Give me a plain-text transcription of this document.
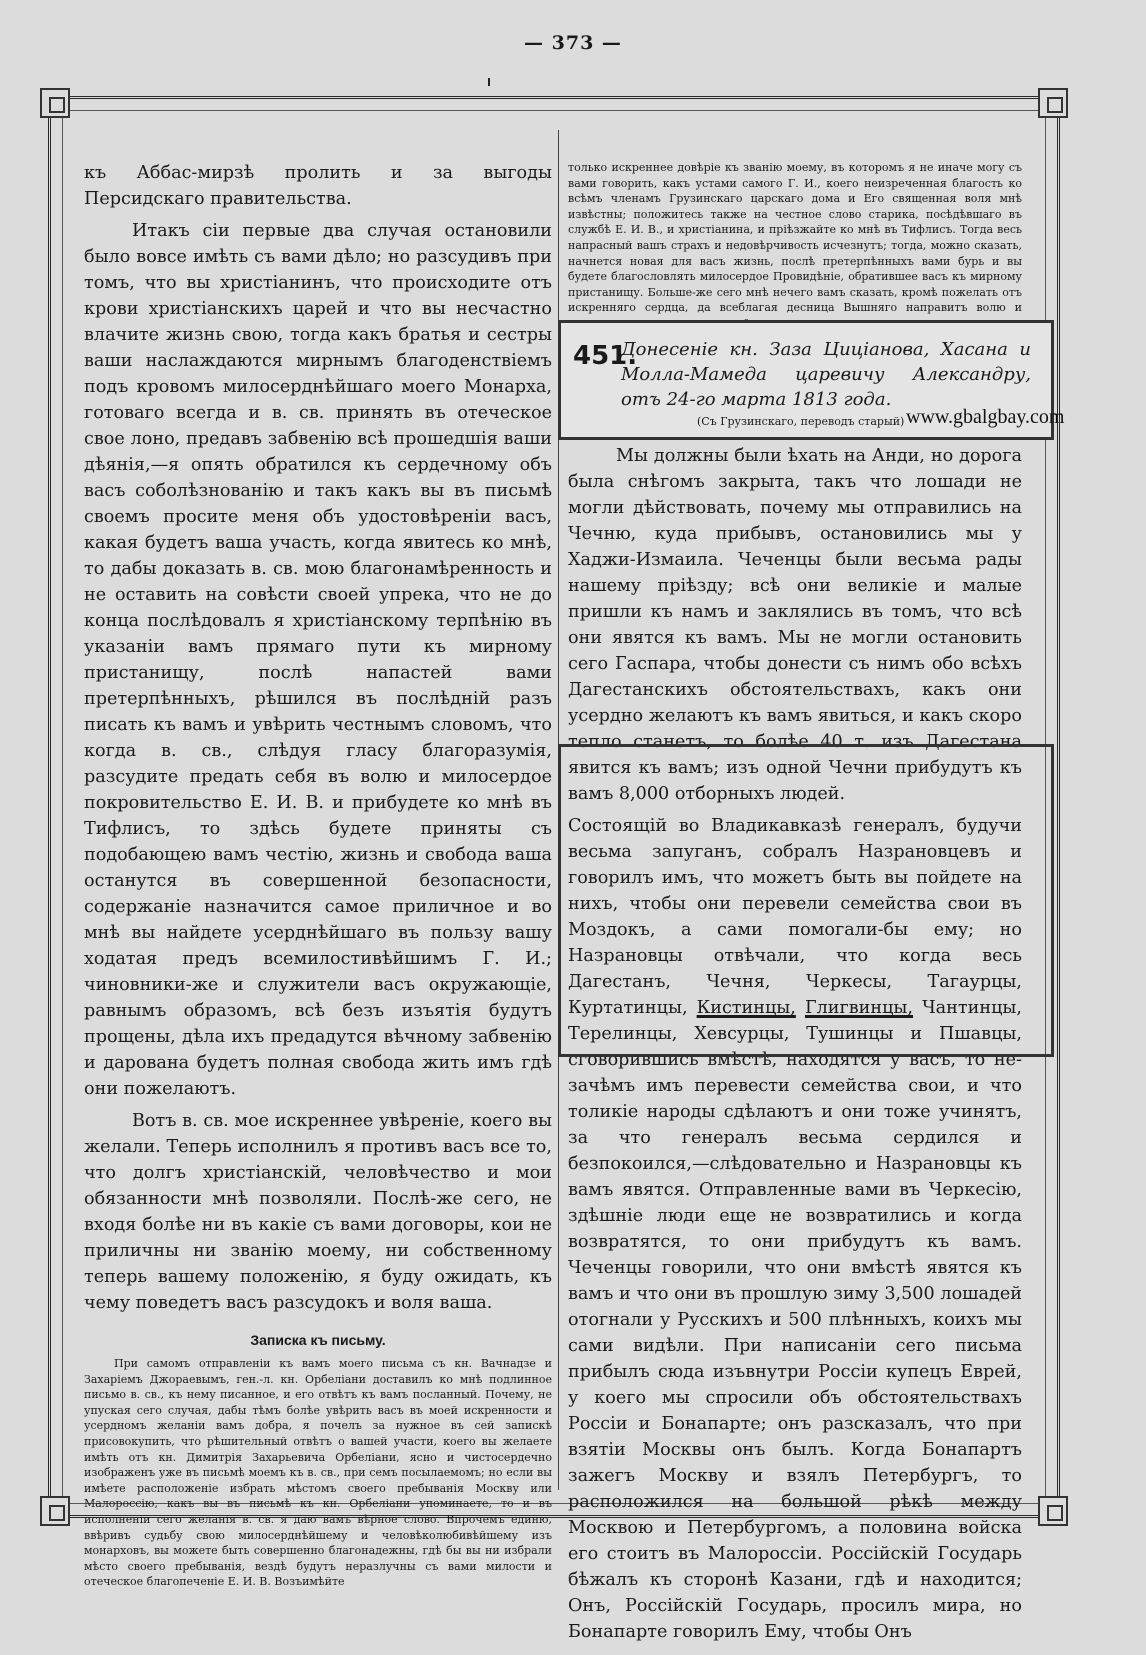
— 373 —

къ Аббас-мирзѣ пролить и за выгоды Персидскаго правительства.

Итакъ сіи первые два случая остановили было вовсе имѣть съ вами дѣло; но разсудивъ при томъ, что вы христіанинъ, что происходите отъ крови христіанскихъ царей и что вы несчастно влачите жизнь свою, тогда какъ братья и сестры ваши наслаждаются мирнымъ благоденствіемъ подъ кровомъ милосерднѣйшаго моего Монарха, готоваго всегда и в. св. принять въ отеческое свое лоно, предавъ забвенію всѣ прошедшія ваши дѣянія,—я опять обратился къ сердечному объ васъ соболѣзнованію и такъ какъ вы въ письмѣ своемъ просите меня объ удостовѣреніи васъ, какая будетъ ваша участь, когда явитесь ко мнѣ, то дабы доказать в. св. мою благонамѣренность и не оставить на совѣсти своей упрека, что не до конца послѣдовалъ я христіанскому терпѣнію въ указаніи вамъ прямаго пути къ мирному пристанищу, послѣ напастей вами претерпѣнныхъ, рѣшился въ послѣдній разъ писать къ вамъ и увѣрить честнымъ словомъ, что когда в. св., слѣдуя гласу благоразумія, разсудите предать себя въ волю и милосердое покровительство Е. И. В. и прибудете ко мнѣ въ Тифлисъ, то здѣсь будете приняты съ подобающею вамъ честію, жизнь и свобода ваша останутся въ совершенной безопасности, содержаніе назначится самое приличное и во мнѣ вы найдете усерднѣйшаго въ пользу вашу ходатая предъ всемилостивѣйшимъ Г. И.; чиновники-же и служители васъ окружающіе, равнымъ образомъ, всѣ безъ изъятія будутъ прощены, дѣла ихъ предадутся вѣчному забвенію и дарована будетъ полная свобода жить имъ гдѣ они пожелаютъ.

Вотъ в. св. мое искреннее увѣреніе, коего вы желали. Теперь исполнилъ я противъ васъ все то, что долгъ христіанскій, человѣчество и мои обязанности мнѣ позволяли. Послѣ-же сего, не входя болѣе ни въ какіе съ вами договоры, кои не приличны ни званію моему, ни собственному теперь вашему положенію, я буду ожидать, къ чему поведетъ васъ разсудокъ и воля ваша.

Записка къ письму.

При самомъ отправленіи къ вамъ моего письма съ кн. Вачнадзе и Захаріемъ Джораевымъ, ген.-л. кн. Орбеліани доставилъ ко мнѣ подлинное письмо в. св., къ нему писанное, и его отвѣтъ къ вамъ посланный. Почему, не упуская сего случая, дабы тѣмъ болѣе увѣрить васъ въ моей искренности и усердномъ желаніи вамъ добра, я почелъ за нужное въ сей запискѣ присовокупить, что рѣшительный отвѣтъ о вашей участи, коего вы желаете имѣть отъ кн. Димитрія Захарьевича Орбеліани, ясно и чистосердечно изображенъ уже въ письмѣ моемъ къ в. св., при семъ посылаемомъ; но если вы имѣете расположеніе избрать мѣстомъ своего пребыванія Москву или Малороссію, какъ вы въ письмѣ къ кн. Орбеліани упоминаете, то и въ исполненіи сего желанія в. св. я даю вамъ вѣрное слово. Впрочемъ единю, ввѣривъ судьбу свою милосерднѣйшему и человѣколюбивѣйшему изъ монарховъ, вы можете быть совершенно благонадежны, гдѣ бы вы ни избрали мѣсто своего пребыванія, вездѣ будутъ неразлучны съ вами милости и отеческое благопеченіе Е. И. В. Возъимѣйте

только искреннее довѣріе къ званію моему, въ которомъ я не иначе могу съ вами говорить, какъ устами самого Г. И., коего неизреченная благость ко всѣмъ членамъ Грузинскаго царскаго дома и Его священная воля мнѣ извѣстны; положитесь также на честное слово старика, посѣдѣвшаго въ службѣ Е. И. В., и христіанина, и пріѣзжайте ко мнѣ въ Тифлисъ. Тогда весь напрасный вашъ страхъ и недовѣрчивость исчезнутъ; тогда, можно сказать, начнется новая для васъ жизнь, послѣ претерпѣнныхъ вами бурь и вы будете благословлять милосердое Провидѣніе, обратившее васъ къ мирному пристанищу. Больше-же сего мнѣ нечего вамъ сказать, кромѣ пожелать отъ искренняго сердца, да всеблагая десница Вышняго направитъ волю и

451.
Донесеніе кн. Заза Цицiанова, Хасана и Молла-Мамеда царевичу Александру, отъ 24-го марта 1813 года.
(Съ Грузинскаго, переводъ старый) www.gbalgbay.com

Мы должны были ѣхать на Анди, но дорога была снѣгомъ закрыта, такъ что лошади не могли дѣйствовать, почему мы отправились на Чечню, куда прибывъ, остановились мы у Хаджи-Измаила. Чеченцы были весьма рады нашему пріѣзду; всѣ они великіе и малые пришли къ намъ и заклялись въ томъ, что всѣ они явятся къ вамъ. Мы не могли остановить сего Гаспара, чтобы донести съ нимъ обо всѣхъ Дагестанскихъ обстоятельствахъ, какъ они усердно желаютъ къ вамъ явиться, и какъ скоро тепло станетъ, то болѣе 40 т. изъ Дагестана явится къ вамъ; изъ одной Чечни прибудутъ къ вамъ 8,000 отборныхъ людей.

Состоящій во Владикавказѣ генералъ, будучи весьма запуганъ, собралъ Назрановцевъ и говорилъ имъ, что можетъ быть вы пойдете на нихъ, чтобы они перевели семейства свои въ Моздокъ, а сами помогали-бы ему; но Назрановцы отвѣчали, что когда весь Дагестанъ, Чечня, Черкесы, Тагаурцы, Куртатинцы, Кистинцы, Глигвинцы, Чантинцы, Терелинцы, Хевсурцы, Тушинцы и Пшавцы, сговорившись вмѣстѣ, находятся у васъ, то не-зачѣмъ имъ перевести семейства свои, и что толикіе народы сдѣлаютъ и они тоже учинятъ, за что генералъ весьма сердился и безпокоился,—слѣдовательно и Назрановцы къ вамъ явятся. Отправленные вами въ Черкесію, здѣшніе люди еще не возвратились и когда возвратятся, то они прибудутъ къ вамъ. Чеченцы говорили, что они вмѣстѣ явятся къ вамъ и что они въ прошлую зиму 3,500 лошадей отогнали у Русскихъ и 500 плѣнныхъ, коихъ мы сами видѣли. При написаніи сего письма прибылъ сюда изъвнутри Россіи купецъ Еврей, у коего мы спросили объ обстоятельствахъ Россіи и Бонапарте; онъ разсказалъ, что при взятіи Москвы онъ былъ. Когда Бонапартъ зажегъ Москву и взялъ Петербургъ, то расположился на большой рѣкѣ между Москвою и Петербургомъ, а половина войска его стоитъ въ Малороссіи. Россійскій Государь бѣжалъ къ сторонѣ Казани, гдѣ и находится; Онъ, Россійскій Государь, просилъ мира, но Бонапарте говорилъ Ему, чтобы Онъ
